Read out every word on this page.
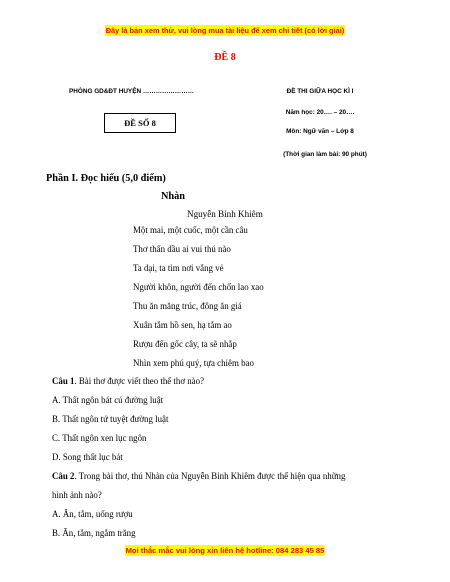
Đây là bản xem thử, vui lòng mua tài liệu để xem chi tiết (có lời giải)
ĐỀ 8
PHÒNG GD&ĐT HUYỆN ……………………
ĐỀ SỐ 8
ĐỀ THI GIỮA HỌC KÌ I
Năm học: 20…. – 20….
Môn: Ngữ văn – Lớp 8
(Thời gian làm bài: 90 phút)
Phần I. Đọc hiểu (5,0 điểm)
Nhàn
Nguyễn Bỉnh Khiêm
Một mai, một cuốc, một cần câu
Thơ thẩn dầu ai vui thú nào
Ta dại, ta tìm nơi vắng vẻ
Người khôn, người đến chốn lao xao
Thu ăn măng trúc, đông ăn giá
Xuân tắm hồ sen, hạ tắm ao
Rượu đến gốc cây, ta sẽ nhắp
Nhìn xem phú quý, tựa chiêm bao
Câu 1. Bài thơ được viết theo thể thơ nào?
A. Thất ngôn bát cú đường luật
B. Thất ngôn tứ tuyệt đường luật
C. Thất ngôn xen lục ngôn
D. Song thất lục bát
Câu 2. Trong bài thơ, thú Nhàn của Nguyễn Bỉnh Khiêm được thể hiện qua những
hình ảnh nào?
A. Ăn, tắm, uống rượu
B. Ăn, tắm, ngắm trăng
Mọi thắc mắc vui lòng xin liên hệ hotline: 084 283 45 85
